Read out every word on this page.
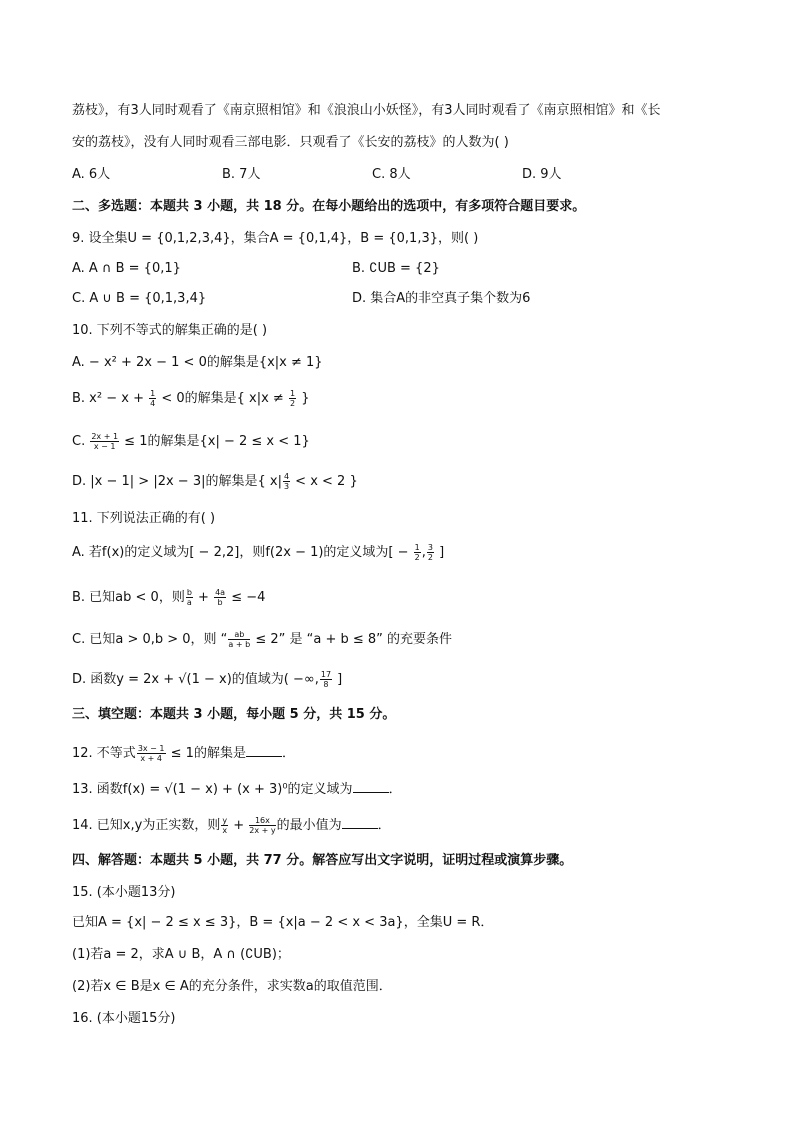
荔枝》，有3人同时观看了《南京照相馆》和《浪浪山小妖怪》，有3人同时观看了《南京照相馆》和《长
安的荔枝》，没有人同时观看三部电影．只观看了《长安的荔枝》的人数为( )
A. 6人	B. 7人	C. 8人	D. 9人
二、多选题：本题共 3 小题，共 18 分。在每小题给出的选项中，有多项符合题目要求。
9. 设全集U = {0,1,2,3,4}，集合A = {0,1,4}，B = {0,1,3}，则( )
A. A ∩ B = {0,1}	B. ∁UB = {2}
C. A ∪ B = {0,1,3,4}	D. 集合A的非空真子集个数为6
10. 下列不等式的解集正确的是( )
A. − x² + 2x − 1 < 0的解集是{x|x ≠ 1}
B. $x^2 - x + \frac{1}{4} < 0$的解集是{ $x|x \ne \frac{1}{2}$ }
C. $\frac{2x + 1}{x - 1} \le 1$的解集是{x| − 2 ≤ x < 1}
D. |x − 1| > |2x − 3|的解集是{ $x| \frac{4}{3} < x < 2$ }
11. 下列说法正确的有( )
A. 若f(x)的定义域为[ − 2,2]，则f(2x − 1)的定义域为[ − $\frac{1}{2}$ , $\frac{3}{2}$ ]
B. 已知ab < 0，则 $\frac{b}{a} + \frac{4a}{b} \le -4$
C. 已知a > 0,b > 0，则 “ $\frac{ab}{a + b} \le 2$” 是 “a + b ≤ 8” 的充要条件
D. 函数y = 2x + √(1 − x)的值域为( −∞, $\frac{17}{8}$ ]
三、填空题：本题共 3 小题，每小题 5 分，共 15 分。
12. 不等式 $\frac{3x - 1}{x + 4} \le 1$的解集是	．
13. 函数f(x) = √(1 − x) + (x + 3)⁰的定义域为	．
14. 已知x,y为正实数，则 $\frac{y}{x} + \frac{16x}{2x + y}$ 的最小值为	．
四、解答题：本题共 5 小题，共 77 分。解答应写出文字说明，证明过程或演算步骤。
15. (本小题13分)
已知A = {x| − 2 ≤ x ≤ 3}，B = {x|a − 2 < x < 3a}，全集U = R．
(1)若a = 2，求A ∪ B，A ∩ (∁UB)；
(2)若x ∈ B是x ∈ A的充分条件，求实数a的取值范围．
16. (本小题15分)
